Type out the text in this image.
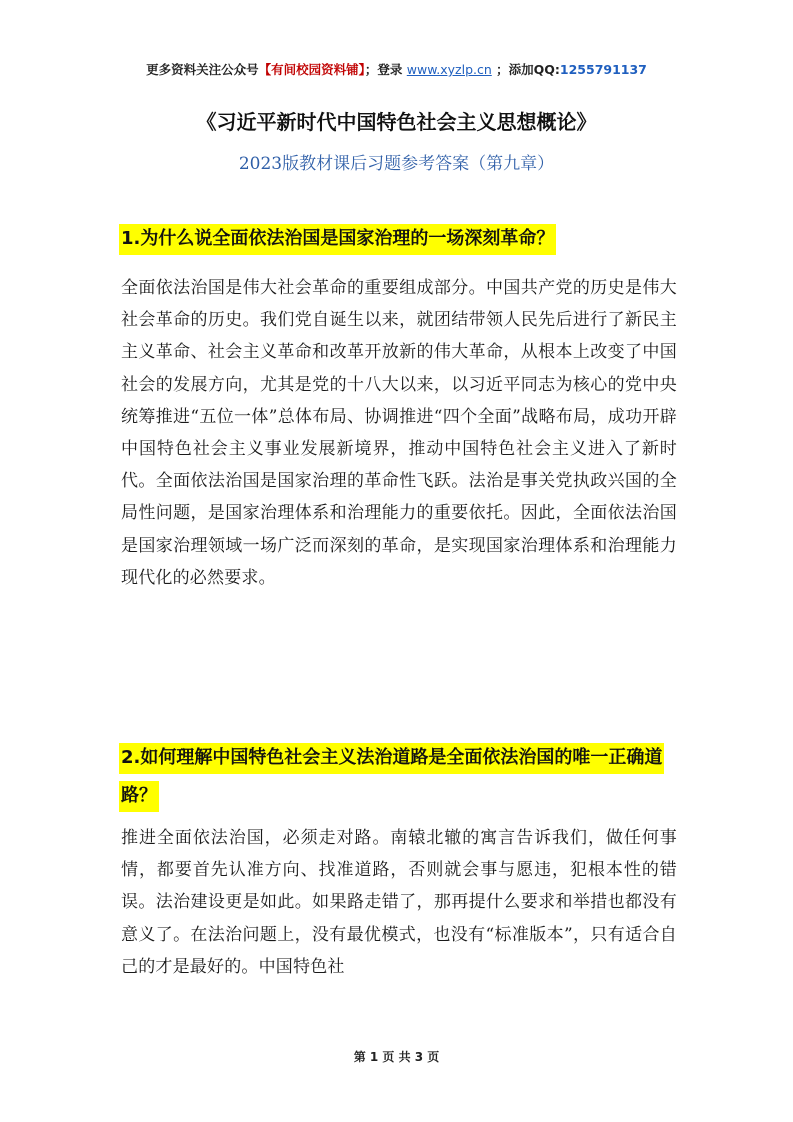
更多资料关注公众号【有间校园资料铺】；登录 www.xyzlp.cn ；添加QQ:1255791137
《习近平新时代中国特色社会主义思想概论》
2023版教材课后习题参考答案（第九章）
1.为什么说全面依法治国是国家治理的一场深刻革命？

全面依法治国是伟大社会革命的重要组成部分。中国共产党的历史是伟大社会革命的历史。我们党自诞生以来，就团结带领人民先后进行了新民主主义革命、社会主义革命和改革开放新的伟大革命，从根本上改变了中国社会的发展方向，尤其是党的十八大以来，以习近平同志为核心的党中央统筹推进“五位一体”总体布局、协调推进“四个全面”战略布局，成功开辟中国特色社会主义事业发展新境界，推动中国特色社会主义进入了新时代。全面依法治国是国家治理的革命性飞跃。法治是事关党执政兴国的全局性问题，是国家治理体系和治理能力的重要依托。因此，全面依法治国是国家治理领域一场广泛而深刻的革命，是实现国家治理体系和治理能力现代化的必然要求。

2.如何理解中国特色社会主义法治道路是全面依法治国的唯一正确道路？

推进全面依法治国，必须走对路。南辕北辙的寓言告诉我们，做任何事情，都要首先认准方向、找准道路，否则就会事与愿违，犯根本性的错误。法治建设更是如此。如果路走错了，那再提什么要求和举措也都没有意义了。在法治问题上，没有最优模式，也没有“标准版本”，只有适合自己的才是最好的。中国特色社

第 1 页 共 3 页
